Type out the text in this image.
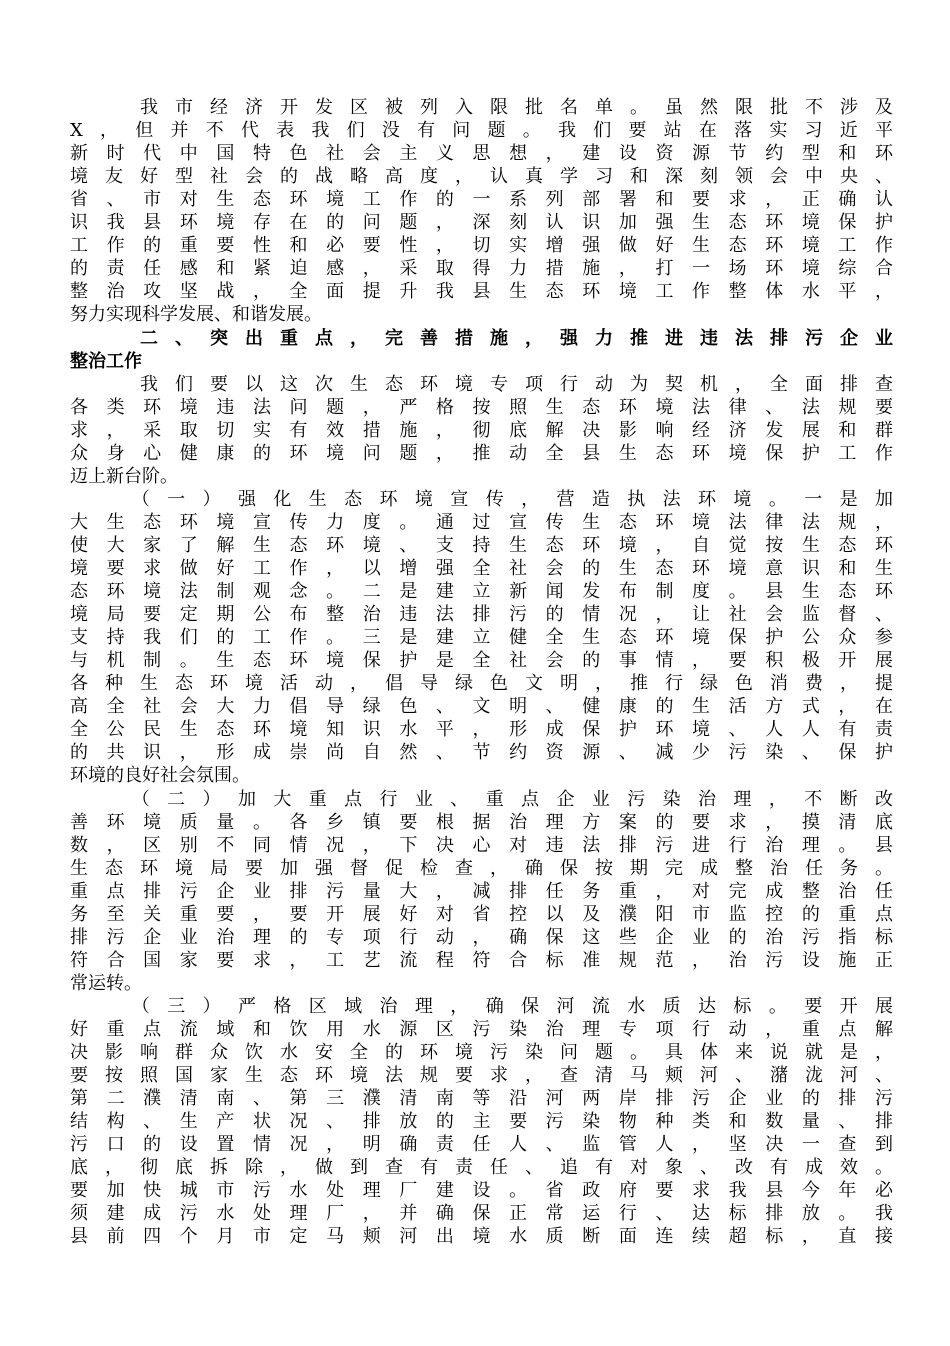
　　我市经济开发区被列入限批名单。虽然限批不涉及
X，但并不代表我们没有问题。我们要站在落实习近平
新时代中国特色社会主义思想，建设资源节约型和环
境友好型社会的战略高度，认真学习和深刻领会中央、
省、市对生态环境工作的一系列部署和要求，正确认
识我县环境存在的问题，深刻认识加强生态环境保护
工作的重要性和必要性，切实增强做好生态环境工作
的责任感和紧迫感，采取得力措施，打一场环境综合
整治攻坚战，全面提升我县生态环境工作整体水平，
努力实现科学发展、和谐发展。
　　二、突出重点，完善措施，强力推进违法排污企业
整治工作
　　我们要以这次生态环境专项行动为契机，全面排查
各类环境违法问题，严格按照生态环境法律、法规要
求，采取切实有效措施，彻底解决影响经济发展和群
众身心健康的环境问题，推动全县生态环境保护工作
迈上新台阶。
　　（一）强化生态环境宣传，营造执法环境。一是加
大生态环境宣传力度。通过宣传生态环境法律法规，
使大家了解生态环境、支持生态环境，自觉按生态环
境要求做好工作，以增强全社会的生态环境意识和生
态环境法制观念。二是建立新闻发布制度。县生态环
境局要定期公布整治违法排污的情况，让社会监督、
支持我们的工作。三是建立健全生态环境保护公众参
与机制。生态环境保护是全社会的事情，要积极开展
各种生态环境活动，倡导绿色文明，推行绿色消费，提
高全社会大力倡导绿色、文明、健康的生活方式，在
全公民生态环境知识水平，形成保护环境、人人有责
的共识，形成崇尚自然、节约资源、减少污染、保护
环境的良好社会氛围。
　　（二）加大重点行业、重点企业污染治理，不断改
善环境质量。各乡镇要根据治理方案的要求，摸清底
数，区别不同情况，下决心对违法排污进行治理。县
生态环境局要加强督促检查，确保按期完成整治任务。
重点排污企业排污量大，减排任务重，对完成整治任
务至关重要，要开展好对省控以及濮阳市监控的重点
排污企业治理的专项行动，确保这些企业的治污指标
符合国家要求，工艺流程符合标准规范，治污设施正
常运转。
　　（三）严格区域治理，确保河流水质达标。要开展
好重点流域和饮用水源区污染治理专项行动，重点解
决影响群众饮水安全的环境污染问题。具体来说就是，
要按照国家生态环境法规要求，查清马颊河、潴泷河、
第二濮清南、第三濮清南等沿河两岸排污企业的排污
结构、生产状况、排放的主要污染物种类和数量、排
污口的设置情况，明确责任人、监管人，坚决一查到
底，彻底拆除，做到查有责任、追有对象、改有成效。
要加快城市污水处理厂建设。省政府要求我县今年必
须建成污水处理厂，并确保正常运行、达标排放。我
县前四个月市定马颊河出境水质断面连续超标，直接
